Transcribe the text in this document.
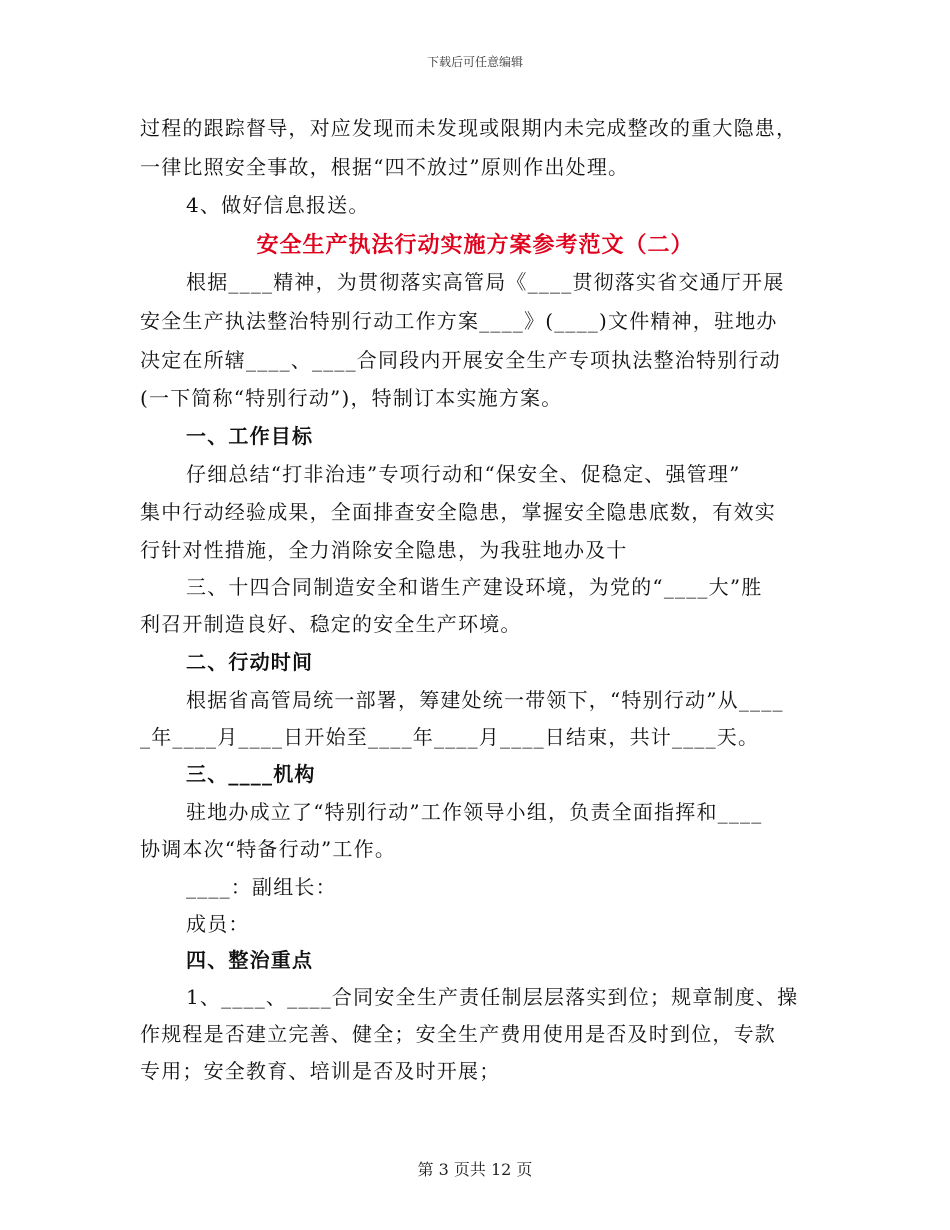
下载后可任意编辑
过程的跟踪督导，对应发现而未发现或限期内未完成整改的重大隐患，
一律比照安全事故，根据“四不放过”原则作出处理。
4、做好信息报送。
安全生产执法行动实施方案参考范文（二）
根据____精神，为贯彻落实高管局《____贯彻落实省交通厅开展
安全生产执法整治特别行动工作方案____》(____)文件精神，驻地办
决定在所辖____、____合同段内开展安全生产专项执法整治特别行动
(一下简称“特别行动”)，特制订本实施方案。
一、工作目标
仔细总结“打非治违”专项行动和“保安全、促稳定、强管理”
集中行动经验成果，全面排查安全隐患，掌握安全隐患底数，有效实
行针对性措施，全力消除安全隐患，为我驻地办及十
三、十四合同制造安全和谐生产建设环境，为党的“____大”胜
利召开制造良好、稳定的安全生产环境。
二、行动时间
根据省高管局统一部署，筹建处统一带领下，“特别行动”从____
_年____月____日开始至____年____月____日结束，共计____天。
三、____机构
驻地办成立了“特别行动”工作领导小组，负责全面指挥和____
协调本次“特备行动”工作。
____：副组长：
成员：
四、整治重点
1、____、____合同安全生产责任制层层落实到位；规章制度、操
作规程是否建立完善、健全；安全生产费用使用是否及时到位，专款
专用；安全教育、培训是否及时开展；
第 3 页共 12 页
